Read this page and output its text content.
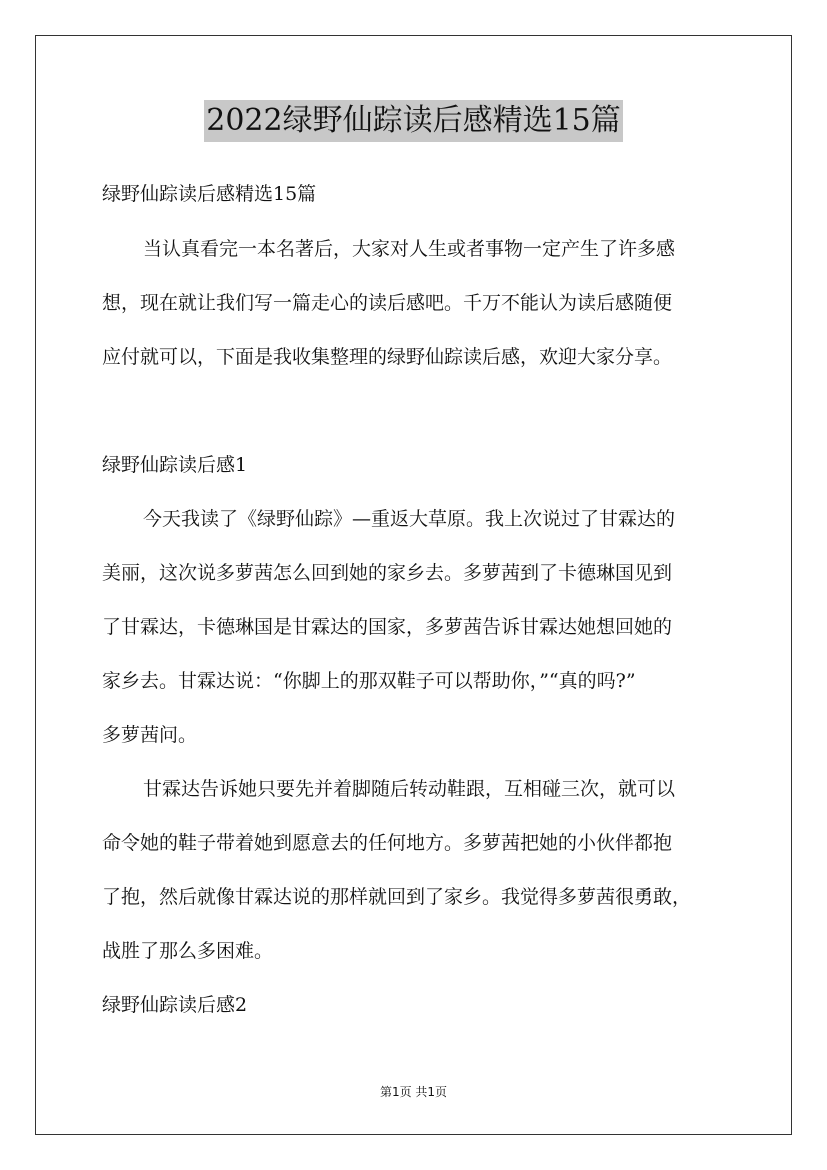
2022绿野仙踪读后感精选15篇
绿野仙踪读后感精选15篇
当认真看完一本名著后，大家对人生或者事物一定产生了许多感
想，现在就让我们写一篇走心的读后感吧。千万不能认为读后感随便
应付就可以，下面是我收集整理的绿野仙踪读后感，欢迎大家分享。
绿野仙踪读后感1
今天我读了《绿野仙踪》—重返大草原。我上次说过了甘霖达的
美丽，这次说多萝茜怎么回到她的家乡去。多萝茜到了卡德琳国见到
了甘霖达，卡德琳国是甘霖达的国家，多萝茜告诉甘霖达她想回她的
家乡去。甘霖达说：“你脚上的那双鞋子可以帮助你，”“真的吗?”
多萝茜问。
甘霖达告诉她只要先并着脚随后转动鞋跟，互相碰三次，就可以
命令她的鞋子带着她到愿意去的任何地方。多萝茜把她的小伙伴都抱
了抱，然后就像甘霖达说的那样就回到了家乡。我觉得多萝茜很勇敢，
战胜了那么多困难。
绿野仙踪读后感2
第1页 共1页
